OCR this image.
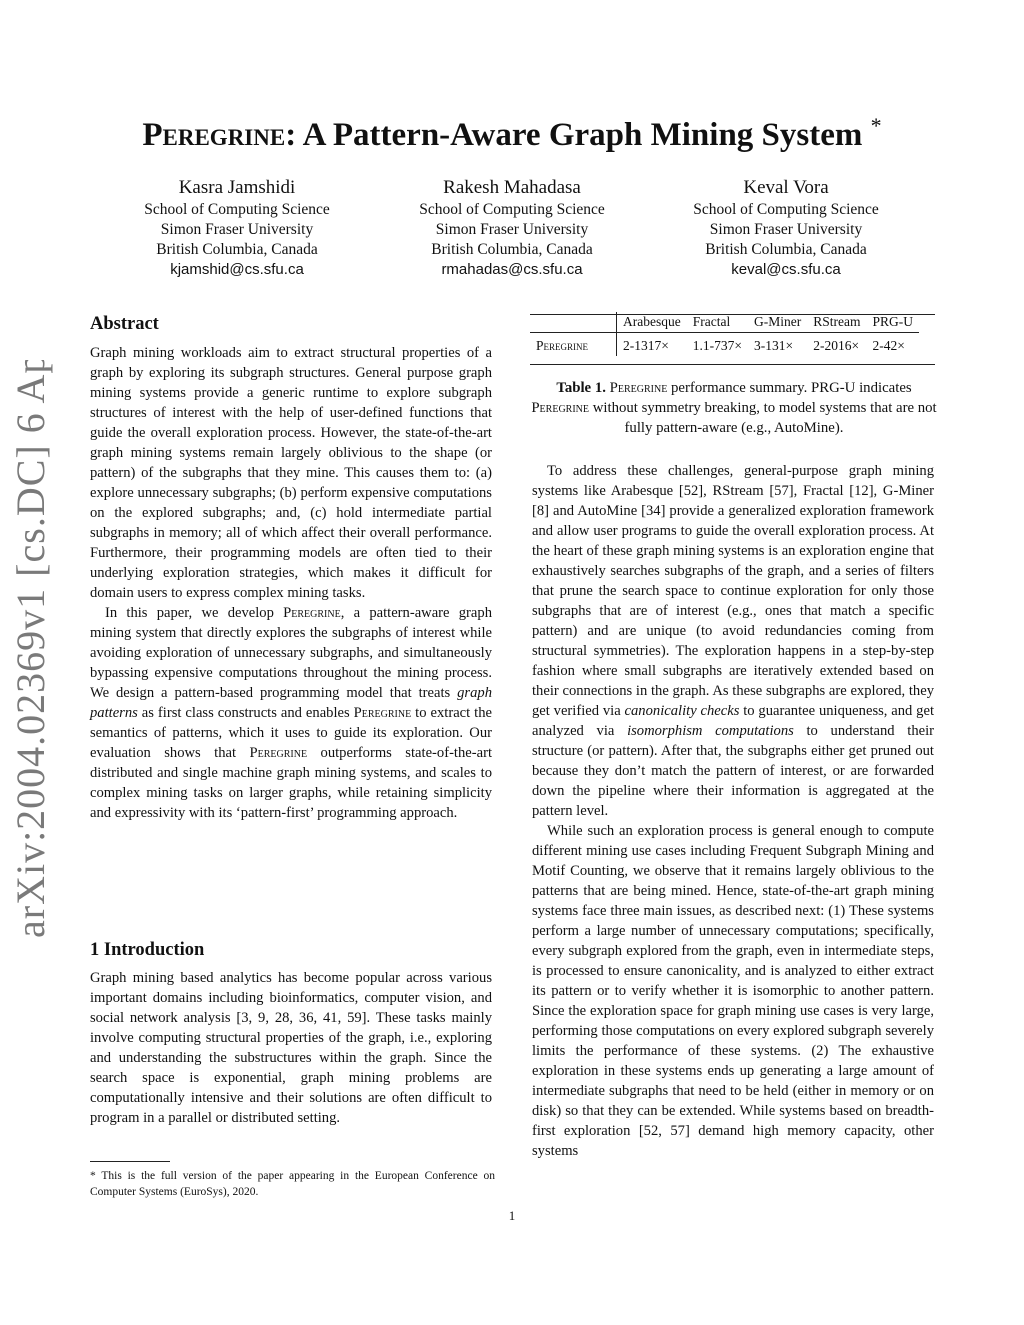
arXiv:2004.02369v1 [cs.DC] 6 Apr 2020
Peregrine: A Pattern-Aware Graph Mining System *
Kasra Jamshidi
School of Computing Science
Simon Fraser University
British Columbia, Canada
kjamshid@cs.sfu.ca
Rakesh Mahadasa
School of Computing Science
Simon Fraser University
British Columbia, Canada
rmahadas@cs.sfu.ca
Keval Vora
School of Computing Science
Simon Fraser University
British Columbia, Canada
keval@cs.sfu.ca
Abstract

Graph mining workloads aim to extract structural properties of a graph by exploring its subgraph structures. General purpose graph mining systems provide a generic runtime to explore subgraph structures of interest with the help of user-defined functions that guide the overall exploration process. However, the state-of-the-art graph mining systems remain largely oblivious to the shape (or pattern) of the subgraphs that they mine. This causes them to: (a) explore unnecessary subgraphs; (b) perform expensive computations on the explored subgraphs; and, (c) hold intermediate partial subgraphs in memory; all of which affect their overall performance. Furthermore, their programming models are often tied to their underlying exploration strategies, which makes it difficult for domain users to express complex mining tasks.

In this paper, we develop Peregrine, a pattern-aware graph mining system that directly explores the subgraphs of interest while avoiding exploration of unnecessary subgraphs, and simultaneously bypassing expensive computations throughout the mining process. We design a pattern-based programming model that treats graph patterns as first class constructs and enables Peregrine to extract the semantics of patterns, which it uses to guide its exploration. Our evaluation shows that Peregrine outperforms state-of-the-art distributed and single machine graph mining systems, and scales to complex mining tasks on larger graphs, while retaining simplicity and expressivity with its ‘pattern-first’ programming approach.

1 Introduction

Graph mining based analytics has become popular across various important domains including bioinformatics, computer vision, and social network analysis [3, 9, 28, 36, 41, 59]. These tasks mainly involve computing structural properties of the graph, i.e., exploring and understanding the substructures within the graph. Since the search space is exponential, graph mining problems are computationally intensive and their solutions are often difficult to program in a parallel or distributed setting.

* This is the full version of the paper appearing in the European Conference on Computer Systems (EuroSys), 2020.
	Arabesque	Fractal	G-Miner	RStream	PRG-U
Peregrine	2-1317×	1.1-737×	3-131×	2-2016×	2-42×
Table 1. Peregrine performance summary. PRG-U indicates Peregrine without symmetry breaking, to model systems that are not fully pattern-aware (e.g., AutoMine).

To address these challenges, general-purpose graph mining systems like Arabesque [52], RStream [57], Fractal [12], G-Miner [8] and AutoMine [34] provide a generalized exploration framework and allow user programs to guide the overall exploration process. At the heart of these graph mining systems is an exploration engine that exhaustively searches subgraphs of the graph, and a series of filters that prune the search space to continue exploration for only those subgraphs that are of interest (e.g., ones that match a specific pattern) and are unique (to avoid redundancies coming from structural symmetries). The exploration happens in a step-by-step fashion where small subgraphs are iteratively extended based on their connections in the graph. As these subgraphs are explored, they get verified via canonicality checks to guarantee uniqueness, and get analyzed via isomorphism computations to understand their structure (or pattern). After that, the subgraphs either get pruned out because they don’t match the pattern of interest, or are forwarded down the pipeline where their information is aggregated at the pattern level.

While such an exploration process is general enough to compute different mining use cases including Frequent Subgraph Mining and Motif Counting, we observe that it remains largely oblivious to the patterns that are being mined. Hence, state-of-the-art graph mining systems face three main issues, as described next: (1) These systems perform a large number of unnecessary computations; specifically, every subgraph explored from the graph, even in intermediate steps, is processed to ensure canonicality, and is analyzed to either extract its pattern or to verify whether it is isomorphic to another pattern. Since the exploration space for graph mining use cases is very large, performing those computations on every explored subgraph severely limits the performance of these systems. (2) The exhaustive exploration in these systems ends up generating a large amount of intermediate subgraphs that need to be held (either in memory or on disk) so that they can be extended. While systems based on breadth-first exploration [52, 57] demand high memory capacity, other systems

1
